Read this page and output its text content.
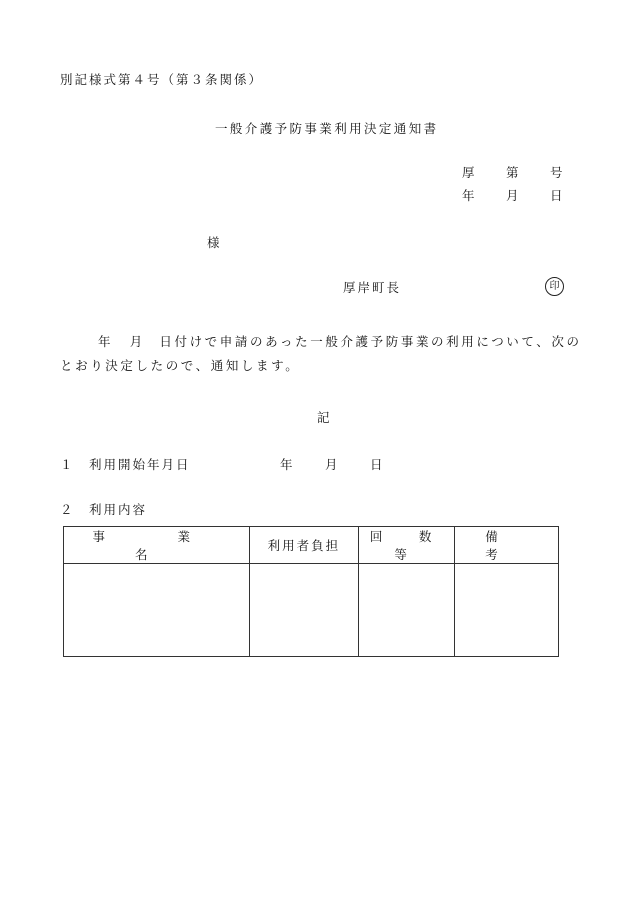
別記様式第４号（第３条関係）
一般介護予防事業利用決定通知書
厚 第 号
年 月 日
様
厚岸町長	印
年 月 日付けで申請のあった一般介護予防事業の利用について、次のとおり決定したので、通知します。
記
１　利用開始年月日	年 月 日
２　利用内容
事　業　名	利用者負担	回　数　等	備　考
